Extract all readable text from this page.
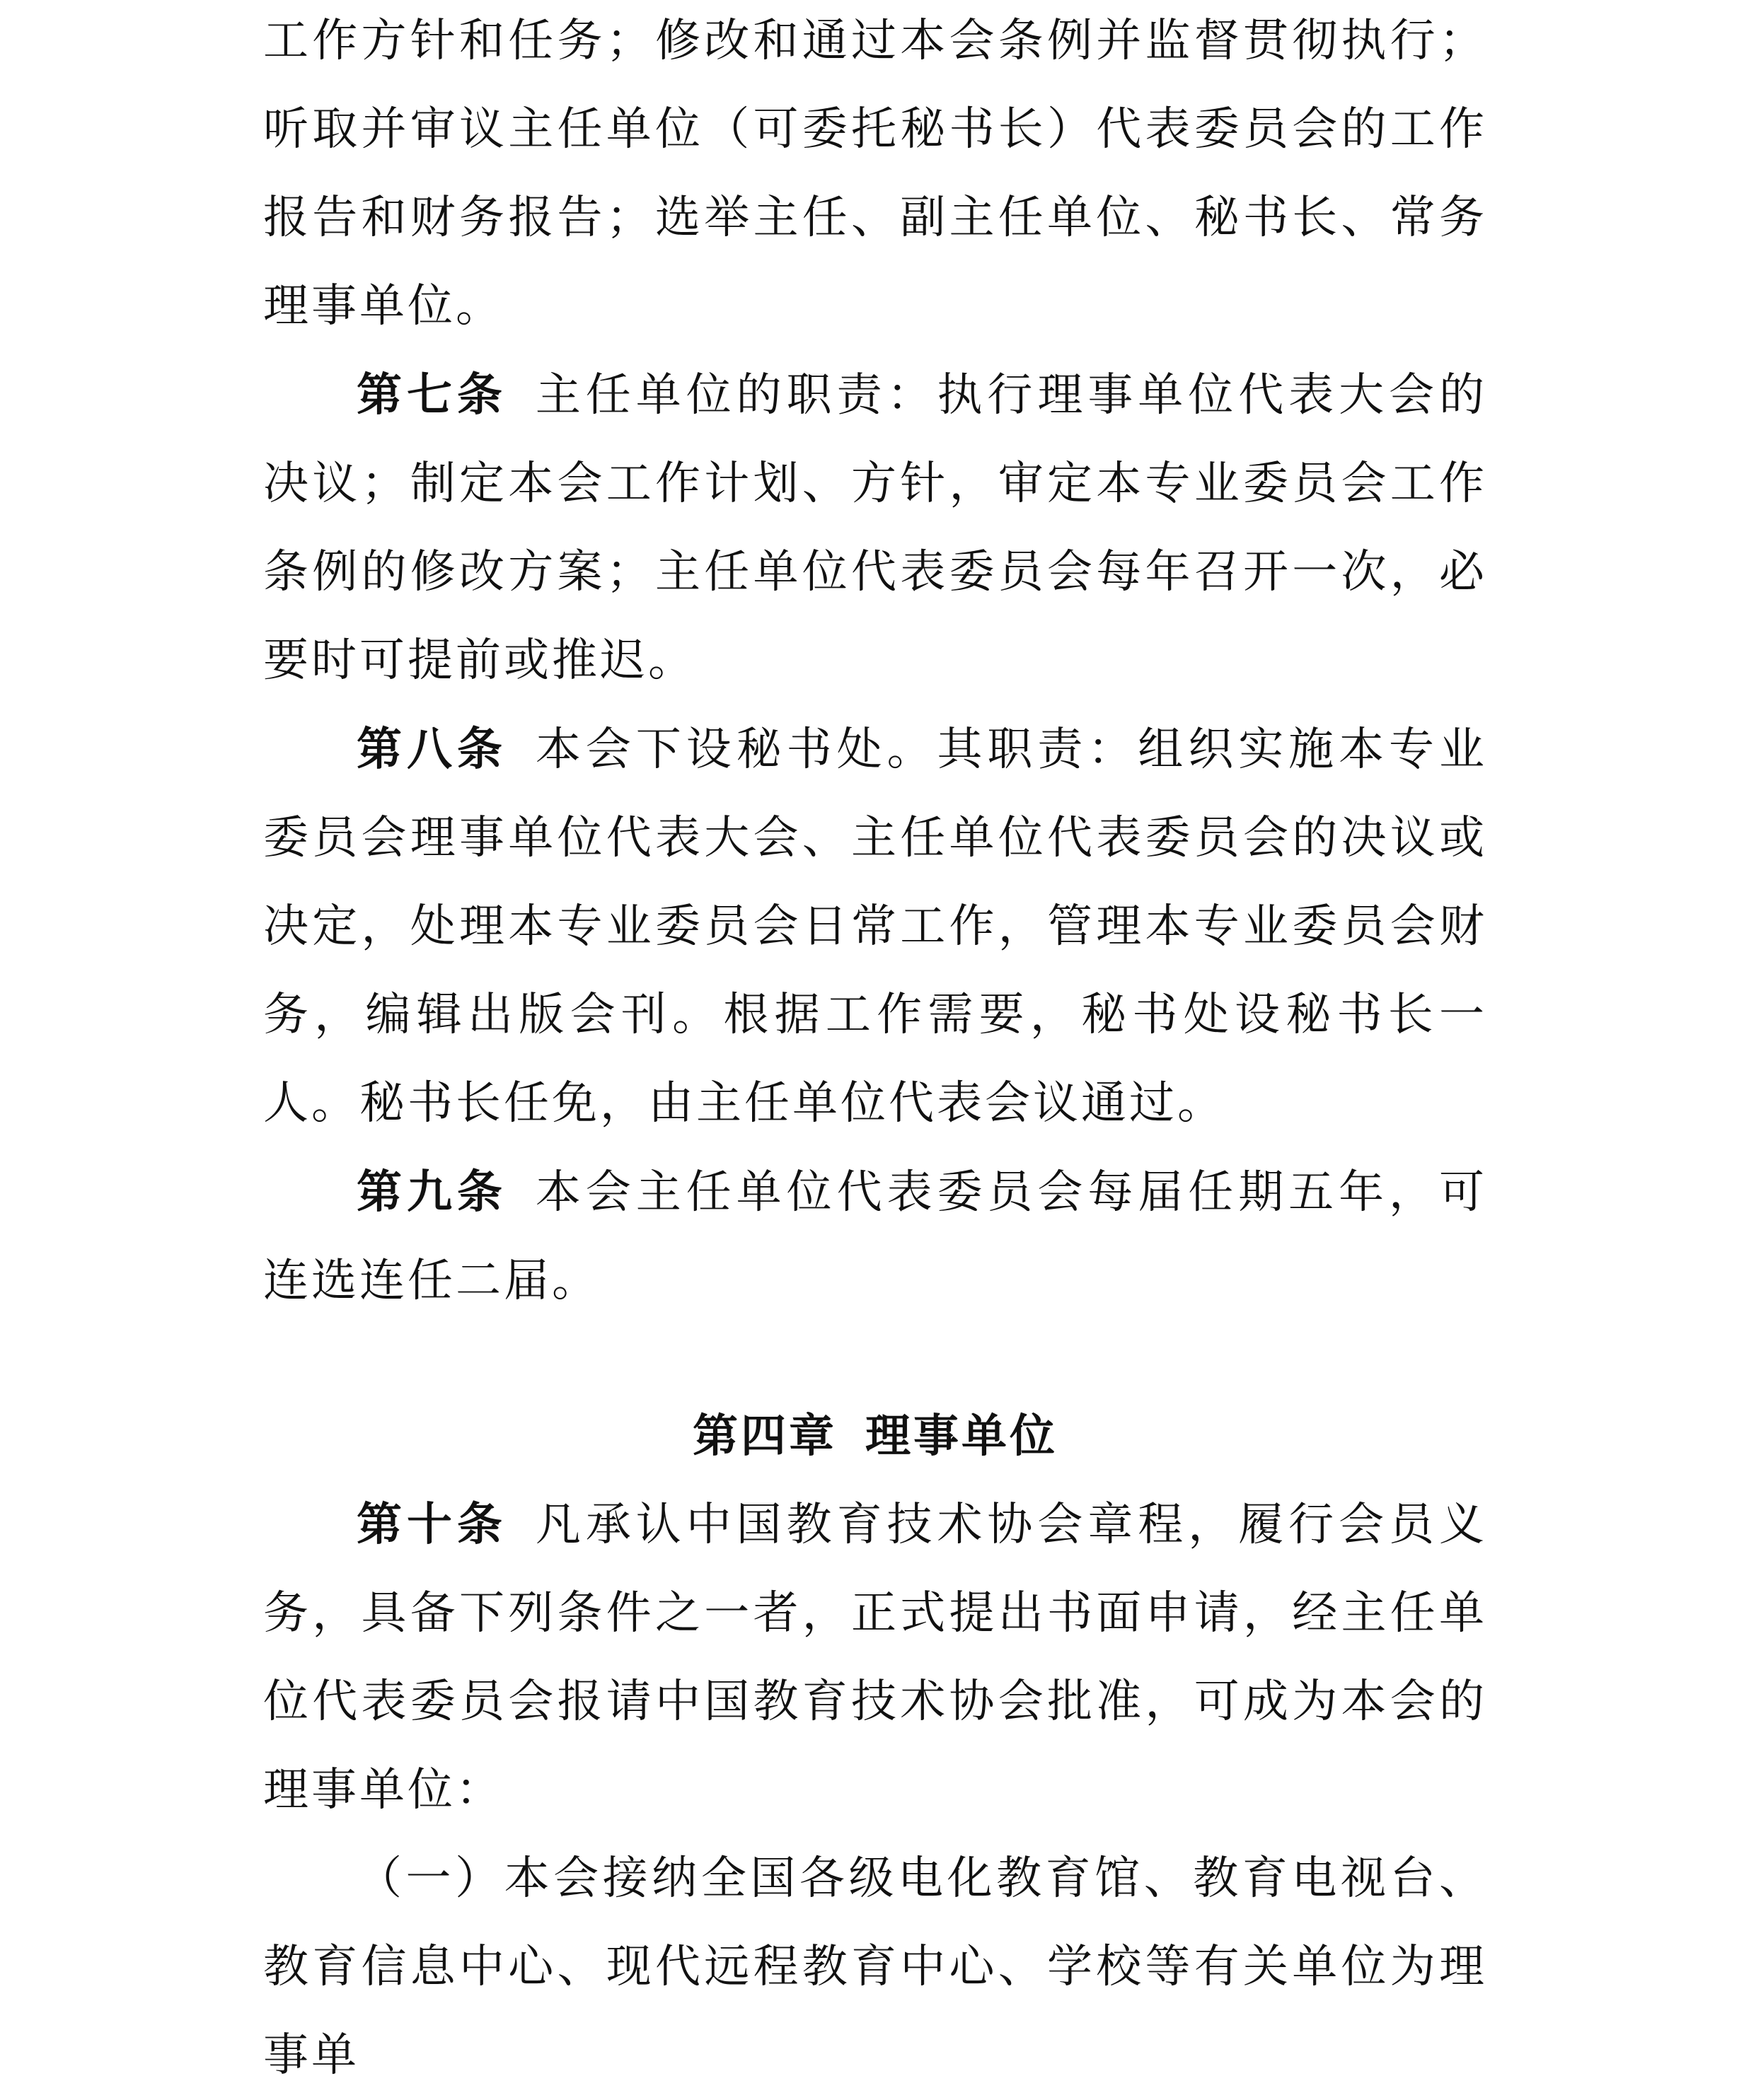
工作方针和任务；修改和通过本会条例并监督贯彻执行；听取并审议主任单位（可委托秘书长）代表委员会的工作报告和财务报告；选举主任、副主任单位、秘书长、常务理事单位。

第七条 主任单位的职责：执行理事单位代表大会的决议；制定本会工作计划、方针，审定本专业委员会工作条例的修改方案；主任单位代表委员会每年召开一次，必要时可提前或推迟。

第八条 本会下设秘书处。其职责：组织实施本专业委员会理事单位代表大会、主任单位代表委员会的决议或决定，处理本专业委员会日常工作，管理本专业委员会财务，编辑出版会刊。根据工作需要，秘书处设秘书长一人。秘书长任免，由主任单位代表会议通过。

第九条 本会主任单位代表委员会每届任期五年，可连选连任二届。

第四章 理事单位

第十条 凡承认中国教育技术协会章程，履行会员义务，具备下列条件之一者，正式提出书面申请，经主任单位代表委员会报请中国教育技术协会批准，可成为本会的理事单位：

（一）本会接纳全国各级电化教育馆、教育电视台、教育信息中心、现代远程教育中心、学校等有关单位为理事单
